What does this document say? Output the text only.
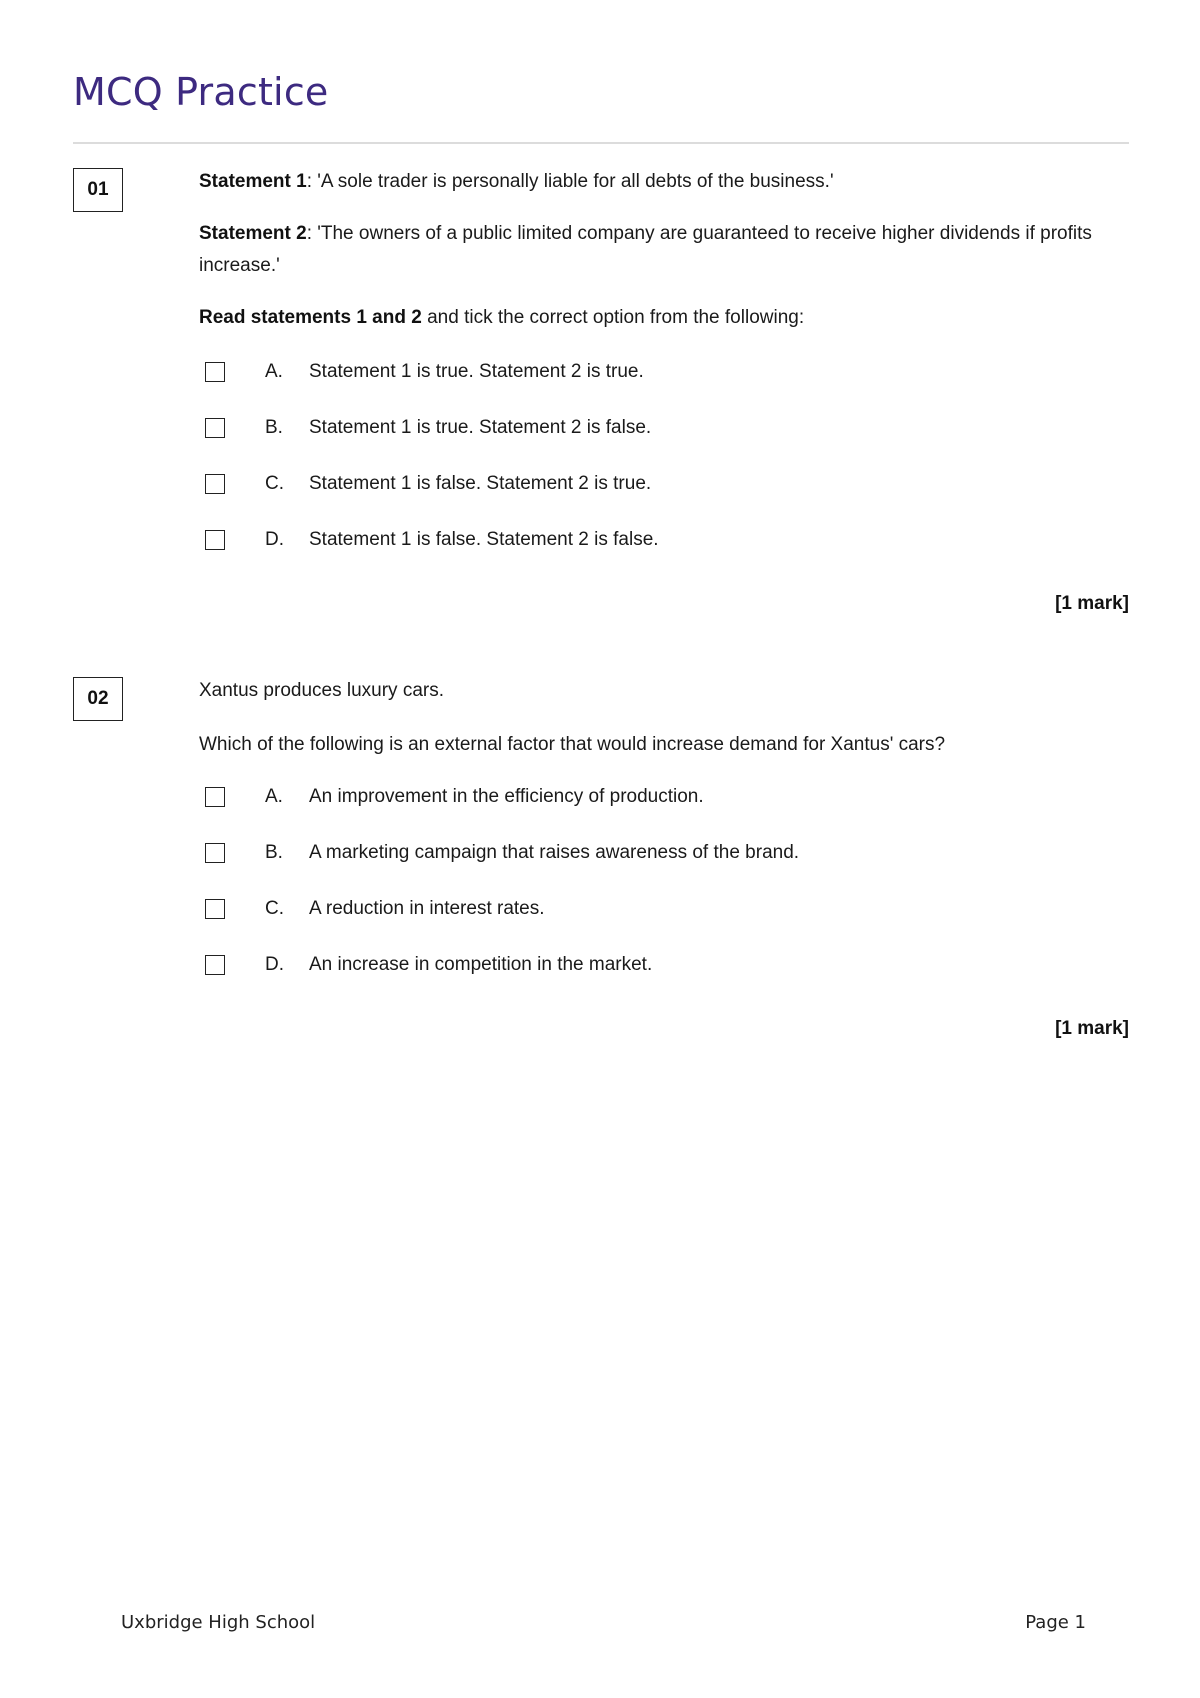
MCQ Practice
01	Statement 1: 'A sole trader is personally liable for all debts of the business.'

Statement 2: 'The owners of a public limited company are guaranteed to receive higher dividends if profits increase.'

Read statements 1 and 2 and tick the correct option from the following:

A.	Statement 1 is true. Statement 2 is true.
B.	Statement 1 is true. Statement 2 is false.
C.	Statement 1 is false. Statement 2 is true.
D.	Statement 1 is false. Statement 2 is false.
[1 mark]
02	Xantus produces luxury cars.

Which of the following is an external factor that would increase demand for Xantus' cars?

A.	An improvement in the efficiency of production.
B.	A marketing campaign that raises awareness of the brand.
C.	A reduction in interest rates.
D.	An increase in competition in the market.
[1 mark]
Uxbridge High School	Page 1
